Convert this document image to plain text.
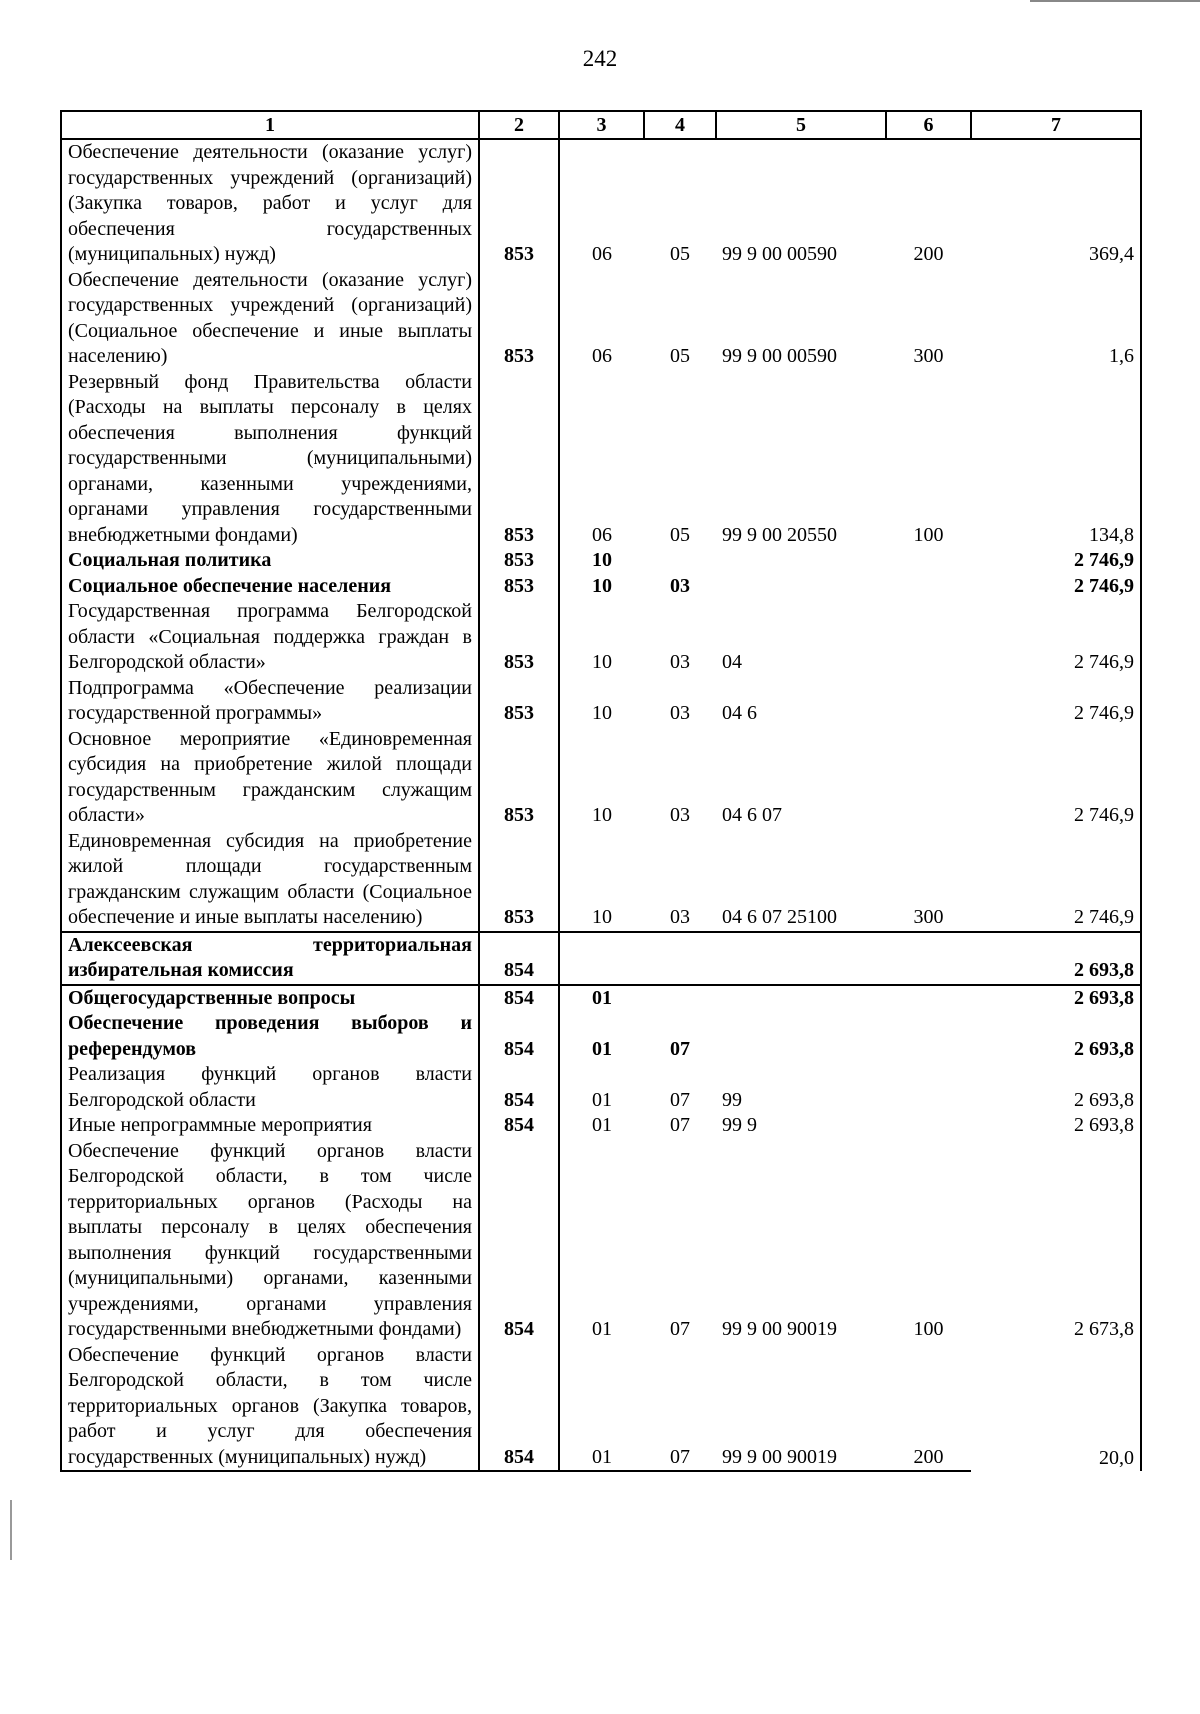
242
1	2	3	4	5	6	7
Обеспечение деятельности (оказание услуг) государственных учреждений (организаций) (Закупка товаров, работ и услуг для обеспечения государственных (муниципальных) нужд)	853	06	05	99 9 00 00590	200	369,4
Обеспечение деятельности (оказание услуг) государственных учреждений (организаций) (Социальное обеспечение и иные выплаты населению)	853	06	05	99 9 00 00590	300	1,6
Резервный фонд Правительства области (Расходы на выплаты персоналу в целях обеспечения выполнения функций государственными (муниципальными) органами, казенными учреждениями, органами управления государственными внебюджетными фондами)	853	06	05	99 9 00 20550	100	134,8
Социальная политика	853	10				2 746,9
Социальное обеспечение населения	853	10	03			2 746,9
Государственная программа Белгородской области «Социальная поддержка граждан в Белгородской области»	853	10	03	04		2 746,9
Подпрограмма «Обеспечение реализации государственной программы»	853	10	03	04 6		2 746,9
Основное мероприятие «Единовременная субсидия на приобретение жилой площади государственным гражданским служащим области»	853	10	03	04 6 07		2 746,9
Единовременная субсидия на приобретение жилой площади государственным гражданским служащим области (Социальное обеспечение и иные выплаты населению)	853	10	03	04 6 07 25100	300	2 746,9
Алексеевская территориальная избирательная комиссия	854					2 693,8
Общегосударственные вопросы	854	01				2 693,8
Обеспечение проведения выборов и референдумов	854	01	07			2 693,8
Реализация функций органов власти Белгородской области	854	01	07	99		2 693,8
Иные непрограммные мероприятия	854	01	07	99 9		2 693,8
Обеспечение функций органов власти Белгородской области, в том числе территориальных органов (Расходы на выплаты персоналу в целях обеспечения выполнения функций государственными (муниципальными) органами, казенными учреждениями, органами управления государственными внебюджетными фондами)	854	01	07	99 9 00 90019	100	2 673,8
Обеспечение функций органов власти Белгородской области, в том числе территориальных органов (Закупка товаров, работ и услуг для обеспечения государственных (муниципальных) нужд)	854	01	07	99 9 00 90019	200	20,0
